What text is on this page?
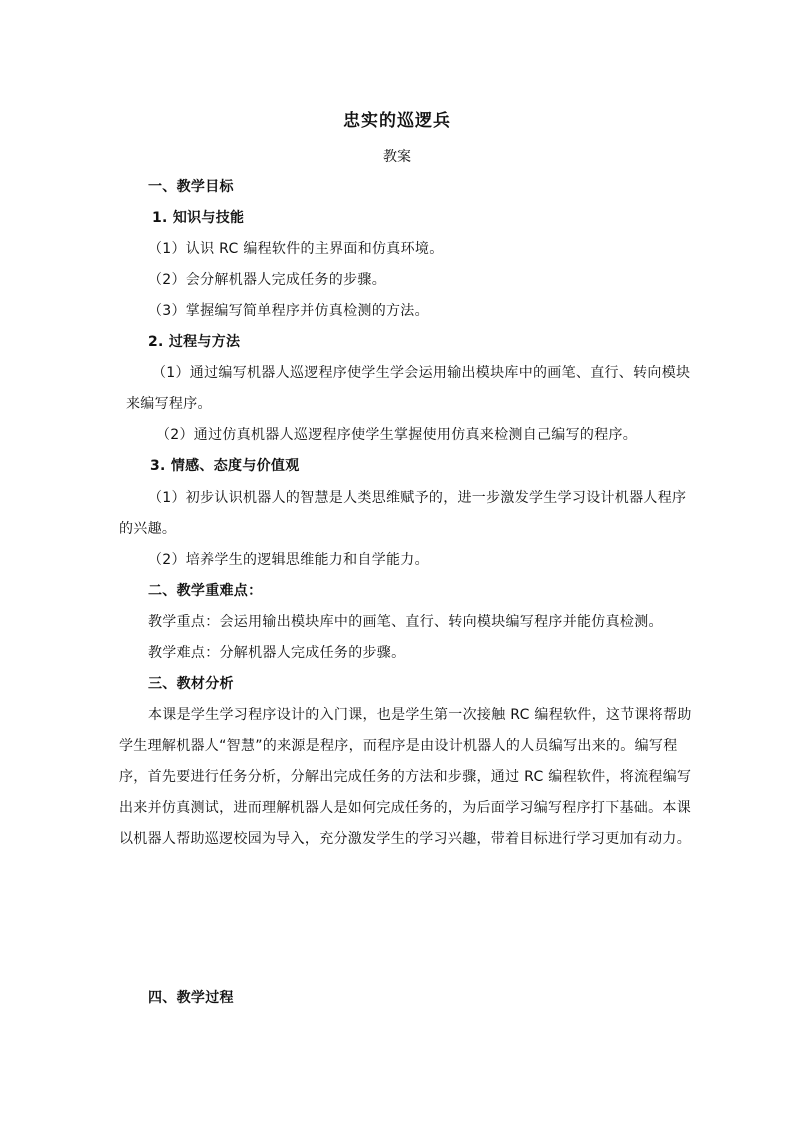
忠实的巡逻兵
教案
一、教学目标
1. 知识与技能
（1）认识 RC 编程软件的主界面和仿真环境。
（2）会分解机器人完成任务的步骤。
（3）掌握编写简单程序并仿真检测的方法。
2. 过程与方法
（1）通过编写机器人巡逻程序使学生学会运用输出模块库中的画笔、直行、转向模块
来编写程序。
（2）通过仿真机器人巡逻程序使学生掌握使用仿真来检测自己编写的程序。
3. 情感、态度与价值观
（1）初步认识机器人的智慧是人类思维赋予的，进一步激发学生学习设计机器人程序
的兴趣。
（2）培养学生的逻辑思维能力和自学能力。
二、教学重难点：
教学重点：会运用输出模块库中的画笔、直行、转向模块编写程序并能仿真检测。
教学难点：分解机器人完成任务的步骤。
三、教材分析
本课是学生学习程序设计的入门课，也是学生第一次接触 RC 编程软件，这节课将帮助
学生理解机器人“智慧”的来源是程序，而程序是由设计机器人的人员编写出来的。编写程
序，首先要进行任务分析，分解出完成任务的方法和步骤，通过 RC 编程软件，将流程编写
出来并仿真测试，进而理解机器人是如何完成任务的，为后面学习编写程序打下基础。本课
以机器人帮助巡逻校园为导入，充分激发学生的学习兴趣，带着目标进行学习更加有动力。
四、教学过程
